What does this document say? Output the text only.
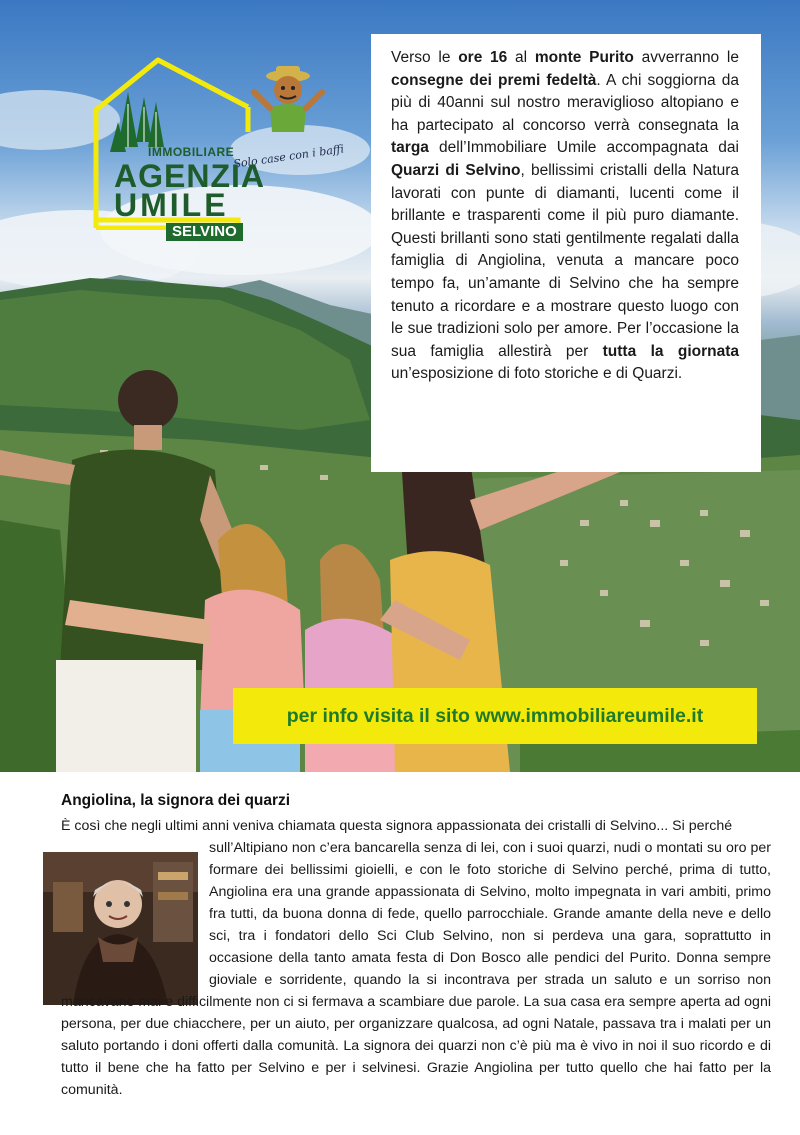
Solo case con i baffi
IMMOBILIARE
AGENZIA
UMILE
SELVINO

Verso le ore 16 al monte Purito avverranno le consegne dei premi fedeltà. A chi soggiorna da più di 40anni sul nostro meraviglioso altopiano e ha partecipato al concorso verrà consegnata la targa dell’Immobiliare Umile accompagnata dai Quarzi di Selvino, bellissimi cristalli della Natura lavorati con punte di diamanti, lucenti come il brillante e trasparenti come il più puro diamante. Questi brillanti sono stati gentilmente regalati dalla famiglia di Angiolina, venuta a mancare poco tempo fa, un’amante di Selvino che ha sempre tenuto a ricordare e a mostrare questo luogo con le sue tradizioni solo per amore. Per l’occasione la sua famiglia allestirà per tutta la giornata un’esposizione di foto storiche e di Quarzi.

per info visita il sito www.immobiliareumile.it
Angiolina, la signora dei quarzi
È così che negli ultimi anni veniva chiamata questa signora appassionata dei cristalli di Selvino... Si perché
sull’Altipiano non c’era bancarella senza di lei, con i suoi quarzi, nudi o montati su oro per formare dei bellissimi gioielli, e con le foto storiche di Selvino perché, prima di tutto, Angiolina era una grande appassionata di Selvino, molto impegnata in vari ambiti, primo fra tutti, da buona donna di fede, quello parrocchiale. Grande amante della neve e dello sci, tra i fondatori dello Sci Club Selvino, non si perdeva una gara, soprattutto in occasione della tanto amata festa di Don Bosco alle pendici del Purito. Donna sempre gioviale e sorridente, quando la si incontrava per strada un saluto e un sorriso non mancavano mai e difficilmente non ci si fermava a scambiare due parole. La sua casa era sempre aperta ad ogni persona, per due chiacchere, per un aiuto, per organizzare qualcosa, ad ogni Natale, passava tra i malati per un saluto portando i doni offerti dalla comunità. La signora dei quarzi non c’è più ma è vivo in noi il suo ricordo e di tutto il bene che ha fatto per Selvino e per i selvinesi. Grazie Angiolina per tutto quello che hai fatto per la comunità.
